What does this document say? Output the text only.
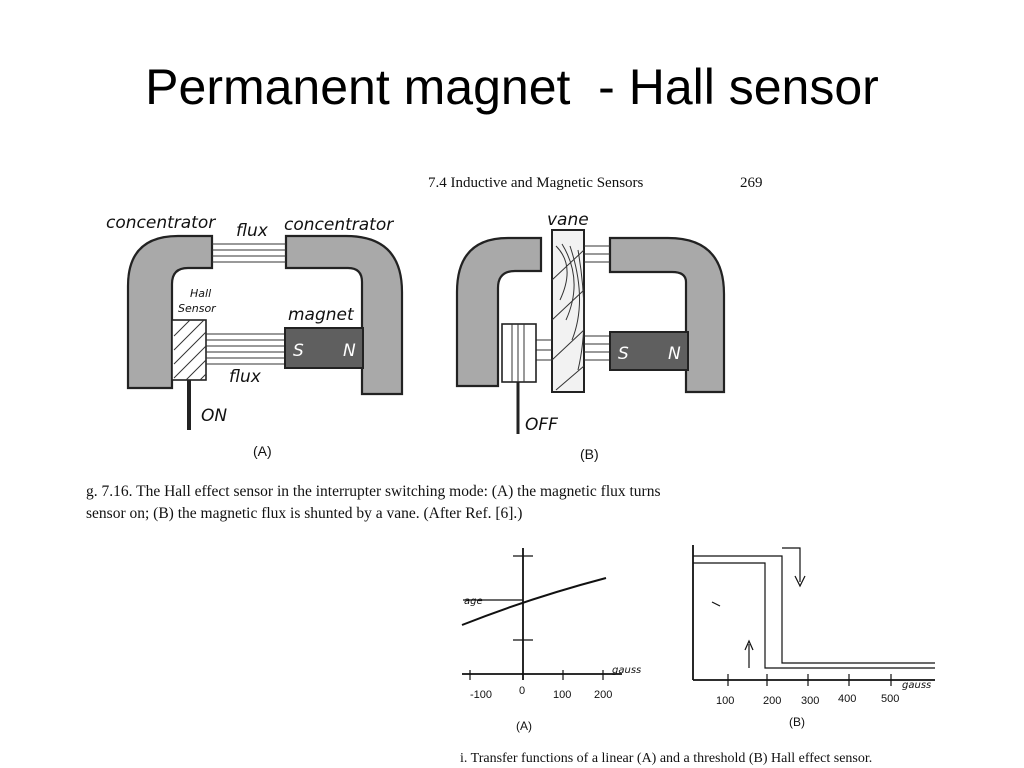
Permanent magnet  - Hall sensor
7.4 Inductive and Magnetic Sensors	269
S N
concentrator flux concentrator
Hall
Sensor	magnet
flux
ON
(A)
S N
vane
OFF
(B)
g. 7.16. The Hall effect sensor in the interrupter switching mode: (A) the magnetic flux turns
sensor on; (B) the magnetic flux is shunted by a vane. (After Ref. [6].)
age
gauss
-100 0	100 200
(A)
gauss
100	200 300 400 500
(B)
i. Transfer functions of a linear (A) and a threshold (B) Hall effect sensor.
